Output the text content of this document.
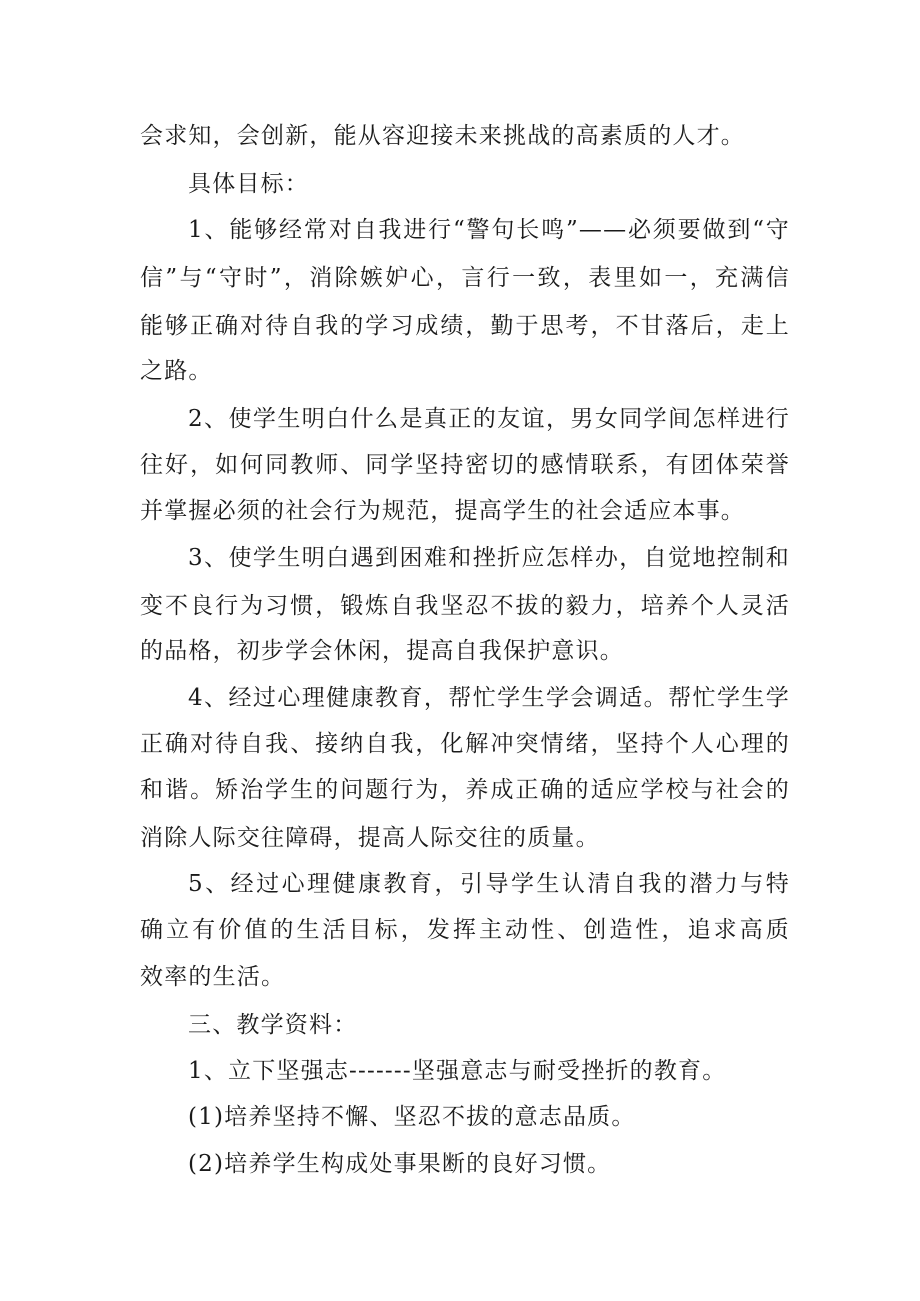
会求知，会创新，能从容迎接未来挑战的高素质的人才。
具体目标：
1、能够经常对自我进行“警句长鸣”——必须要做到“守
信”与“守时”，消除嫉妒心，言行一致，表里如一，充满信
能够正确对待自我的学习成绩，勤于思考，不甘落后，走上
之路。
2、使学生明白什么是真正的友谊，男女同学间怎样进行
往好，如何同教师、同学坚持密切的感情联系，有团体荣誉
并掌握必须的社会行为规范，提高学生的社会适应本事。
3、使学生明白遇到困难和挫折应怎样办，自觉地控制和
变不良行为习惯，锻炼自我坚忍不拔的毅力，培养个人灵活
的品格，初步学会休闲，提高自我保护意识。
4、经过心理健康教育，帮忙学生学会调适。帮忙学生学
正确对待自我、接纳自我，化解冲突情绪，坚持个人心理的
和谐。矫治学生的问题行为，养成正确的适应学校与社会的
消除人际交往障碍，提高人际交往的质量。
5、经过心理健康教育，引导学生认清自我的潜力与特
确立有价值的生活目标，发挥主动性、创造性，追求高质
效率的生活。
三、教学资料：
1、立下坚强志-------坚强意志与耐受挫折的教育。
(1)培养坚持不懈、坚忍不拔的意志品质。
(2)培养学生构成处事果断的良好习惯。
